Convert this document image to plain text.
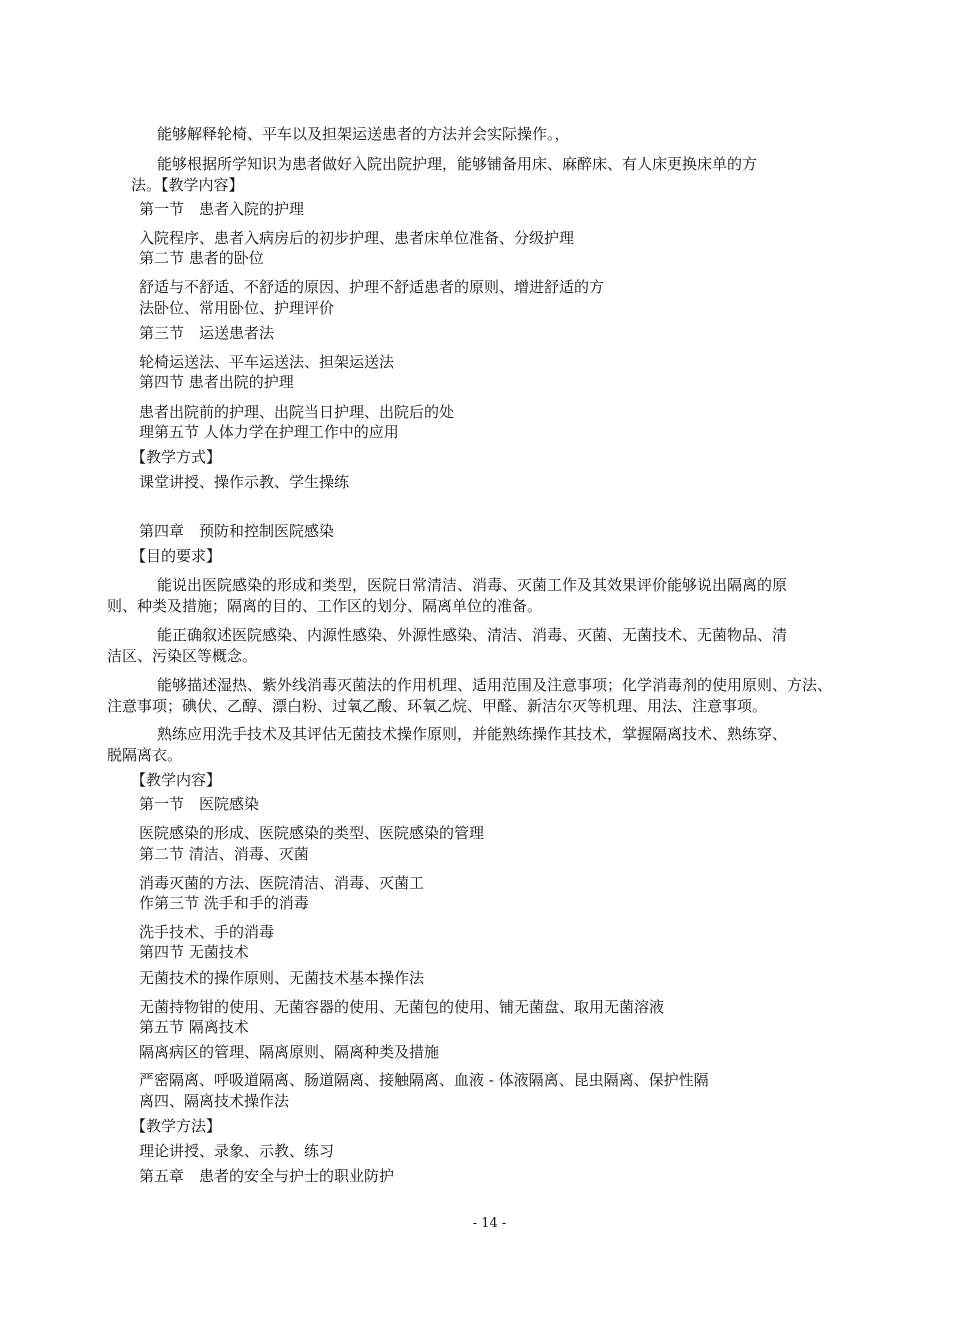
能够解释轮椅、平车以及担架运送患者的方法并会实际操作。，
能够根据所学知识为患者做好入院出院护理，能够铺备用床、麻醉床、有人床更换床单的方
法。【教学内容】
第一节　患者入院的护理
入院程序、患者入病房后的初步护理、患者床单位准备、分级护理
第二节 患者的卧位
舒适与不舒适、不舒适的原因、护理不舒适患者的原则、增进舒适的方
法卧位、常用卧位、护理评价
第三节　运送患者法
轮椅运送法、平车运送法、担架运送法
第四节 患者出院的护理
患者出院前的护理、出院当日护理、出院后的处
理第五节 人体力学在护理工作中的应用
【教学方式】
课堂讲授、操作示教、学生操练
第四章　预防和控制医院感染
【目的要求】
能说出医院感染的形成和类型，医院日常清洁、消毒、灭菌工作及其效果评价能够说出隔离的原
则、种类及措施；隔离的目的、工作区的划分、隔离单位的准备。
能正确叙述医院感染、内源性感染、外源性感染、清洁、消毒、灭菌、无菌技术、无菌物品、清
洁区、污染区等概念。
能够描述湿热、紫外线消毒灭菌法的作用机理、适用范围及注意事项；化学消毒剂的使用原则、方法、
注意事项；碘伏、乙醇、漂白粉、过氧乙酸、环氧乙烷、甲醛、新洁尔灭等机理、用法、注意事项。
熟练应用洗手技术及其评估无菌技术操作原则，并能熟练操作其技术，掌握隔离技术、熟练穿、
脱隔离衣。
【教学内容】
第一节　医院感染
医院感染的形成、医院感染的类型、医院感染的管理
第二节 清洁、消毒、灭菌
消毒灭菌的方法、医院清洁、消毒、灭菌工
作第三节 洗手和手的消毒
洗手技术、手的消毒
第四节 无菌技术
无菌技术的操作原则、无菌技术基本操作法
无菌持物钳的使用、无菌容器的使用、无菌包的使用、铺无菌盘、取用无菌溶液
第五节 隔离技术
隔离病区的管理、隔离原则、隔离种类及措施
严密隔离、呼吸道隔离、肠道隔离、接触隔离、血液 - 体液隔离、昆虫隔离、保护性隔
离四、隔离技术操作法
【教学方法】
理论讲授、录象、示教、练习
第五章　患者的安全与护士的职业防护
- 14 -
